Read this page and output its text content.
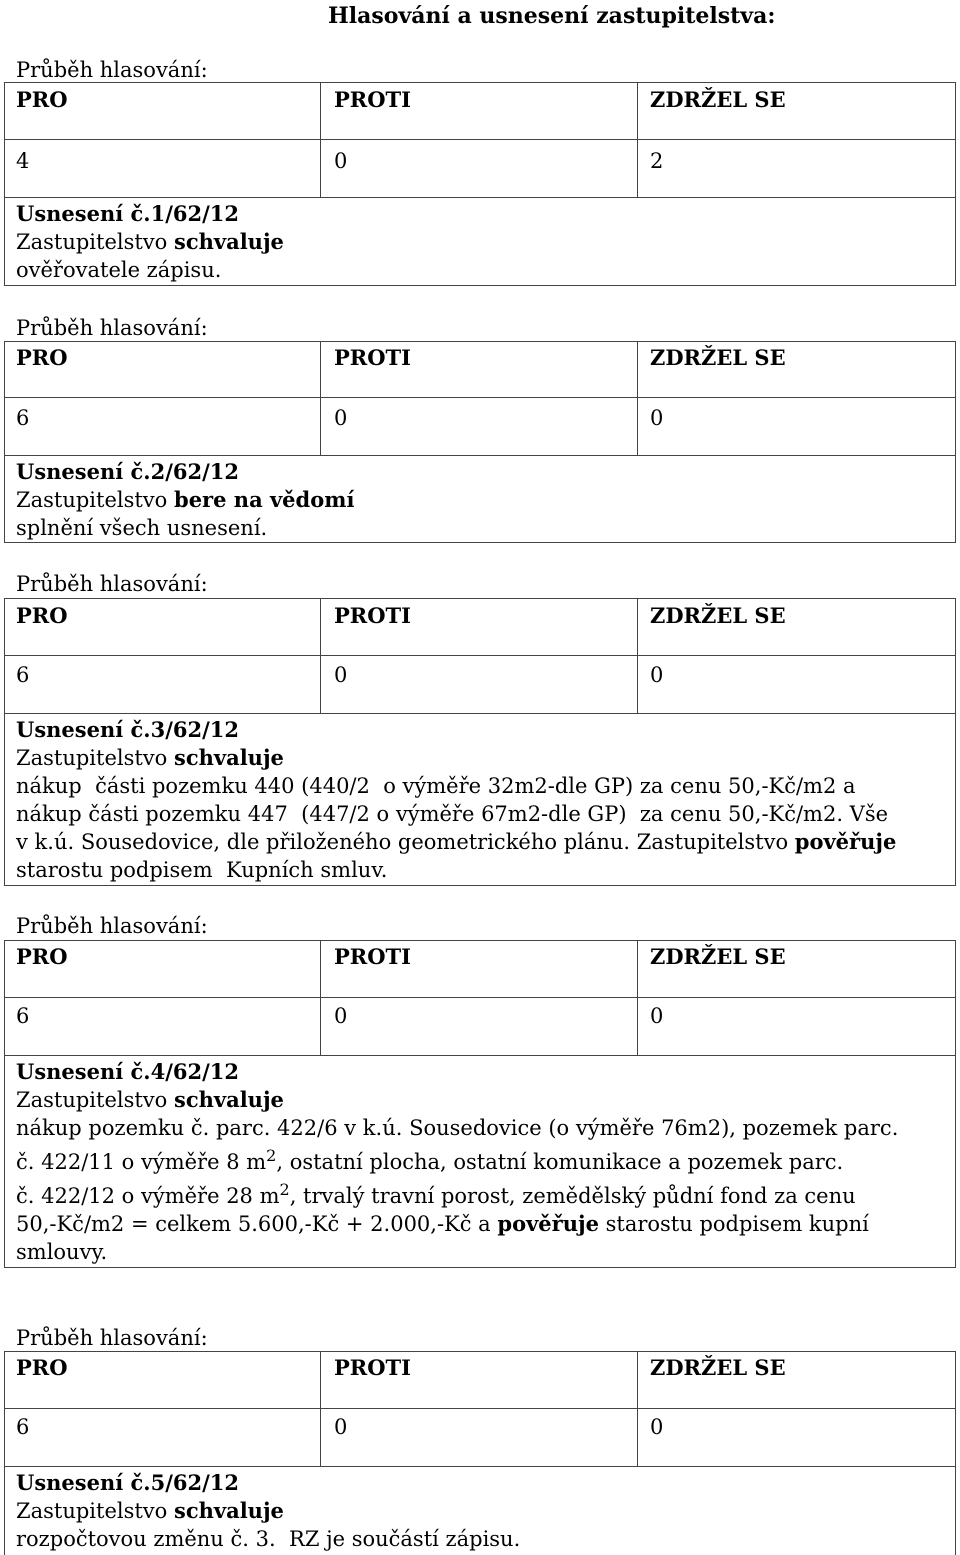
Hlasování a usnesení zastupitelstva:
Průběh hlasování:
PRO	PROTI	ZDRŽEL SE
4	0	2

Usnesení č.1/62/12

Zastupitelstvo schvaluje

ověřovatele zápisu.

Průběh hlasování:
PRO	PROTI	ZDRŽEL SE
6	0	0

Usnesení č.2/62/12

Zastupitelstvo bere na vědomí

splnění všech usnesení.

Průběh hlasování:
PRO	PROTI	ZDRŽEL SE
6	0	0

Usnesení č.3/62/12

Zastupitelstvo schvaluje

nákup  části pozemku 440 (440/2  o výměře 32m2-dle GP) za cenu 50,-Kč/m2 a

nákup části pozemku 447  (447/2 o výměře 67m2-dle GP)  za cenu 50,-Kč/m2. Vše

v k.ú. Sousedovice, dle přiloženého geometrického plánu. Zastupitelstvo pověřuje

starostu podpisem  Kupních smluv.

Průběh hlasování:
PRO	PROTI	ZDRŽEL SE
6	0	0

Usnesení č.4/62/12

Zastupitelstvo schvaluje

nákup pozemku č. parc. 422/6 v k.ú. Sousedovice (o výměře 76m2), pozemek parc.

č. 422/11 o výměře 8 $m^2$, ostatní plocha, ostatní komunikace a pozemek parc.

č. 422/12 o výměře 28 $m^2$, trvalý travní porost, zemědělský půdní fond za cenu

50,-Kč/m2 = celkem 5.600,-Kč + 2.000,-Kč a pověřuje starostu podpisem kupní

smlouvy.

Průběh hlasování:
PRO	PROTI	ZDRŽEL SE
6	0	0

Usnesení č.5/62/12

Zastupitelstvo schvaluje

rozpočtovou změnu č. 3.  RZ je součástí zápisu.
